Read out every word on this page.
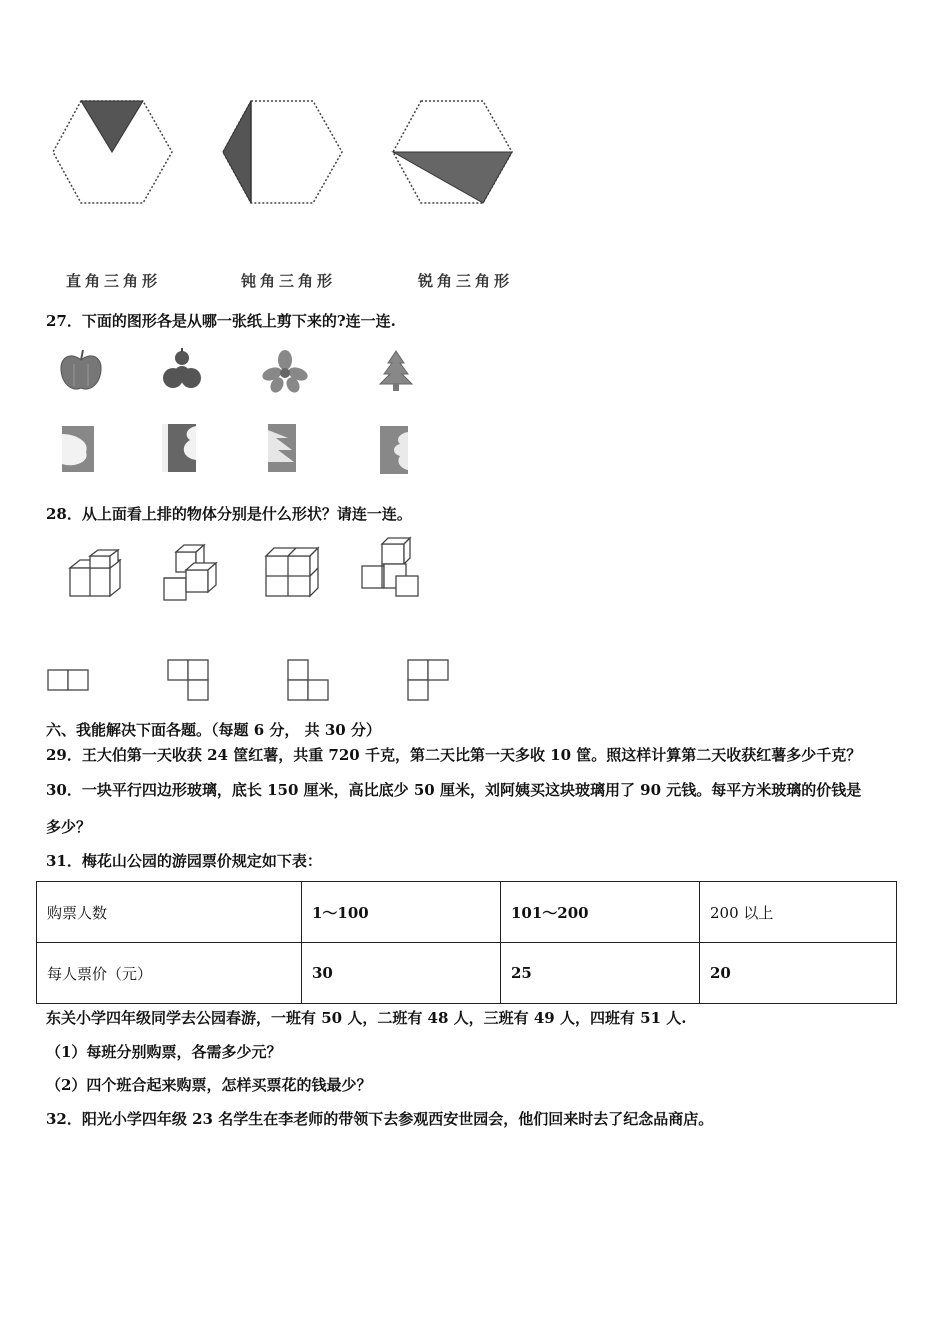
直角三角形	钝角三角形	锐角三角形
27．下面的图形各是从哪一张纸上剪下来的?连一连.
28．从上面看上排的物体分别是什么形状？请连一连。
六、我能解决下面各题。（每题 6 分， 共 30 分）
29．王大伯第一天收获 24 筐红薯，共重 720 千克，第二天比第一天多收 10 筐。照这样计算第二天收获红薯多少千克？
30．一块平行四边形玻璃，底长 150 厘米，高比底少 50 厘米，刘阿姨买这块玻璃用了 90 元钱。每平方米玻璃的价钱是
多少？
31．梅花山公园的游园票价规定如下表：
购票人数	1～100	101～200	200 以上
每人票价（元）	30	25	20
东关小学四年级同学去公园春游，一班有 50 人，二班有 48 人，三班有 49 人，四班有 51 人.
（1）每班分别购票，各需多少元？
（2）四个班合起来购票，怎样买票花的钱最少？
32．阳光小学四年级 23 名学生在李老师的带领下去参观西安世园会，他们回来时去了纪念品商店。
